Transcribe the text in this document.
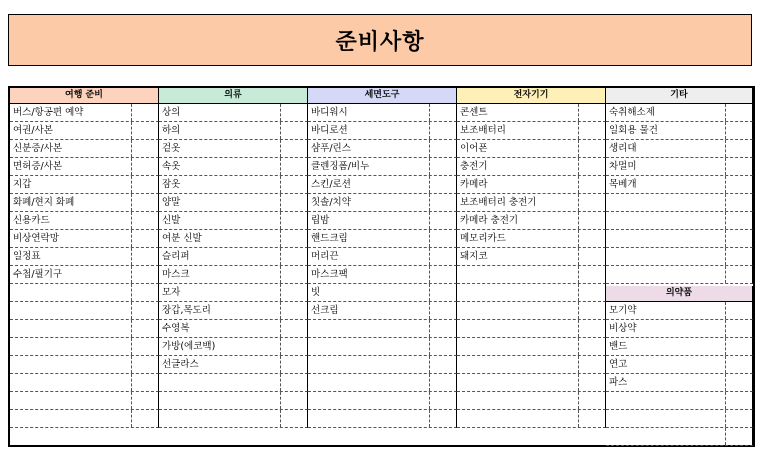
준비사항
여행 준비
버스/항공편 예약
여권/사본
신분증/사본
면허증/사본
지갑
화폐/현지 화폐
신용카드
비상연락망
일정표
수첩/필기구
의류
상의
하의
겉옷
속옷
잠옷
양말
신발
여분 신발
슬리퍼
마스크
모자
장갑,목도리
수영복
가방(에코백)
선글라스
세면도구
바디워시
바디로션
샴푸/린스
클렌징폼/비누
스킨/로션
칫솔/치약
립밤
핸드크림
머리끈
마스크팩
빗
선크림
전자기기
콘센트
보조배터리
이어폰
충전기
카메라
보조배터리 충전기
카메라 충전기
메모리카드
돼지코
기타
숙취해소제
일회용 물건
생리대
차멀미
목베개
의약품
모기약
비상약
밴드
연고
파스
